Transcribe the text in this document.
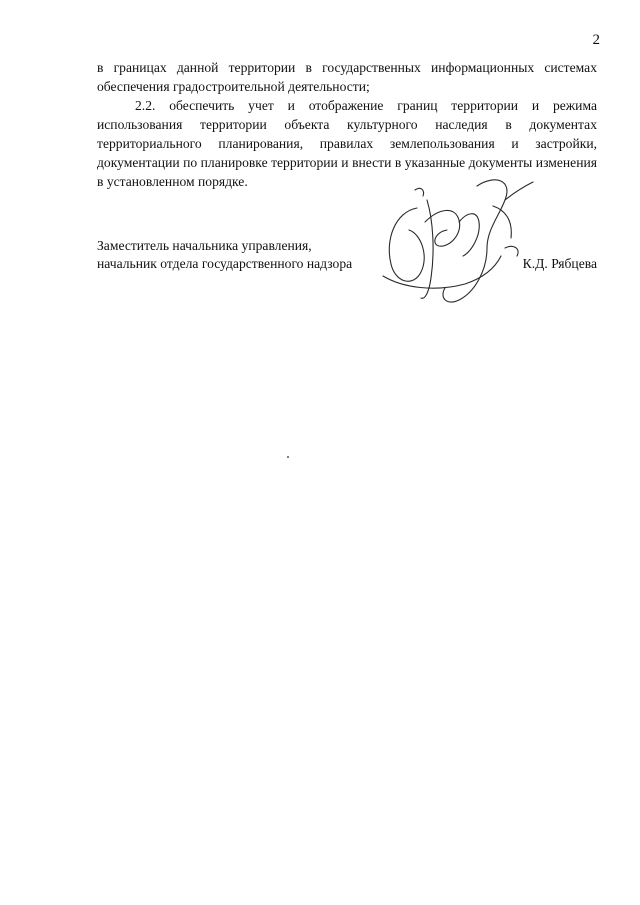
2

в границах данной территории в государственных информационных системах обеспечения градостроительной деятельности;

2.2. обеспечить учет и отображение границ территории и режима использования территории объекта культурного наследия в документах территориального планирования, правилах землепользования и застройки, документации по планировке территории и внести в указанные документы изменения в установленном порядке.

Заместитель начальника управления,
начальник отдела государственного надзора	К.Д. Рябцева
